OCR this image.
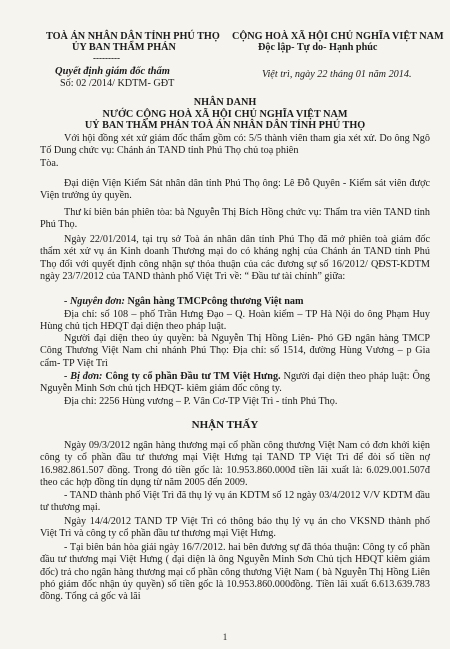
TOÀ ÁN NHÂN DÂN TỈNH PHÚ THỌ
ỦY BAN THẨM PHÁN
---------
CỘNG HOÀ XÃ HỘI CHỦ NGHĨA VIỆT NAM
Độc lập- Tự do- Hạnh phúc
Quyết định giám đốc thẩm
Số: 02 /2014/ KDTM- GĐT
Việt trì, ngày 22 tháng 01 năm 2014.
NHÂN DANH
NƯỚC CỘNG HOÀ XÃ HỘI CHỦ NGHĨA VIỆT NAM
UỶ BAN THẨM PHÁN TOÀ ÁN NHÂN DÂN TỈNH PHÚ THỌ

Với hội đồng xét xử giám đốc thẩm gồm có: 5/5 thành viên tham gia xét xử. Do ông Ngô Tố Dung chức vụ: Chánh án TAND tỉnh Phú Thọ chủ toạ phiên

Tòa.

Đại diện Viện Kiểm Sát nhân dân tỉnh Phú Thọ ông: Lê Đỗ Quyên - Kiểm sát viên được Viện trưởng ủy quyền.

Thư kí biên bản phiên tòa: bà Nguyễn Thị Bích Hồng chức vụ: Thẩm tra viên TAND tỉnh Phú Thọ.

Ngày 22/01/2014, tại trụ sở Toà án nhân dân tỉnh Phú Thọ đã mở phiên toà giám đốc thẩm xét xử vụ án Kinh doanh Thương mại do có kháng nghị của Chánh án TAND tỉnh Phú Thọ đối với quyết định công nhận sự thỏa thuận của các đương sự số 16/2012/ QĐST-KDTM ngày 23/7/2012 của TAND thành phố Việt Trì về: “ Đầu tư tài chính” giữa:

- Nguyên đơn: Ngân hàng TMCPcông thương Việt nam

Địa chỉ: số 108 – phố Trần Hưng Đạo – Q. Hoàn kiếm – TP Hà Nội do ông Phạm Huy Hùng chủ tịch HĐQT đại diện theo pháp luật.

Người đại diện theo ủy quyền: bà Nguyễn Thị Hồng Liên- Phó GĐ ngân hàng TMCP Công Thương Việt Nam chi nhánh Phú Thọ: Địa chỉ: số 1514, đường Hùng Vương – p Gia cẩm- TP Việt Trì

- Bị đơn: Công ty cổ phần Đầu tư TM Việt Hưng. Người đại diện theo pháp luật: Ông Nguyễn Minh Sơn chủ tịch HĐQT- kiêm giám đốc công ty.

Địa chỉ: 2256 Hùng vương – P. Vân Cơ-TP Việt Trì - tỉnh Phú Thọ.

NHẬN THẤY

Ngày 09/3/2012 ngân hàng thương mại cổ phần công thương Việt Nam có đơn khởi kiện công ty cổ phần đầu tư thương mại Việt Hưng tại TAND TP Việt Trì để đòi số tiền nợ 16.982.861.507 đồng. Trong đó tiền gốc là: 10.953.860.000đ tiền lãi xuất là: 6.029.001.507đ theo các hợp đồng tín dụng từ năm 2005 đến 2009.

- TAND thành phố Việt Trì đã thụ lý vụ án KDTM số 12 ngày 03/4/2012 V/V KDTM đầu tư thương mại.

Ngày 14/4/2012 TAND TP Việt Trì có thông báo thụ lý vụ án cho VKSND thành phố Việt Trì và công ty cổ phần đầu tư thương mại Việt Hưng.

- Tại biên bản hòa giải ngày 16/7/2012. hai bên đương sự đã thỏa thuận: Công ty cổ phần đầu tư thương mại Việt Hưng ( đại diện là ông Nguyễn Minh Sơn Chủ tịch HĐQT kiêm giám đốc) trả cho ngân hàng thương mại cổ phần công thương Việt Nam ( bà Nguyễn Thị Hồng Liên phó giám đốc nhận ủy quyền) số tiền gốc là 10.953.860.000đồng. Tiền lãi xuất 6.613.639.783 đồng. Tổng cả gốc và lãi

1
